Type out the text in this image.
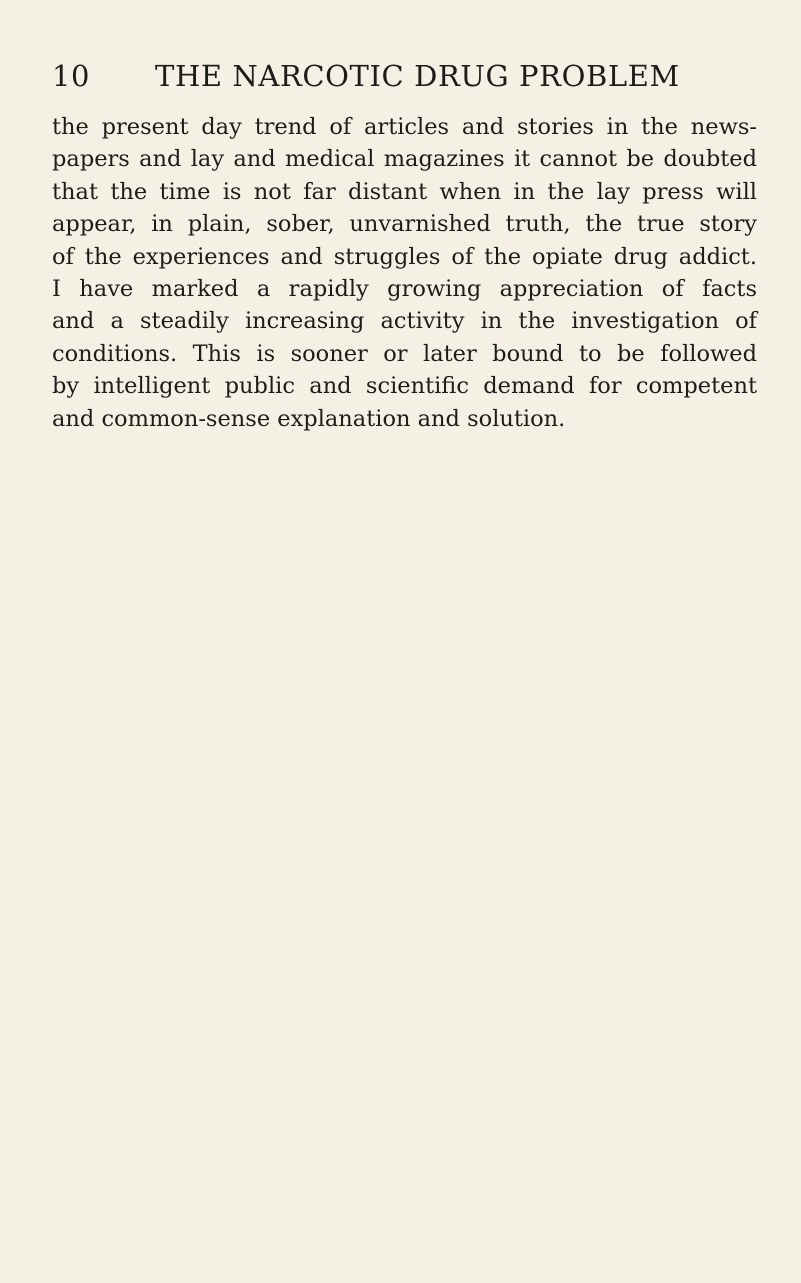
10 THE NARCOTIC DRUG PROBLEM
the present day trend of articles and stories in the news-
papers and lay and medical magazines it cannot be doubted
that the time is not far distant when in the lay press will
appear, in plain, sober, unvarnished truth, the true story
of the experiences and struggles of the opiate drug addict.
I have marked a rapidly growing appreciation of facts
and a steadily increasing activity in the investigation of
conditions. This is sooner or later bound to be followed
by intelligent public and scientific demand for competent
and common-sense explanation and solution.
